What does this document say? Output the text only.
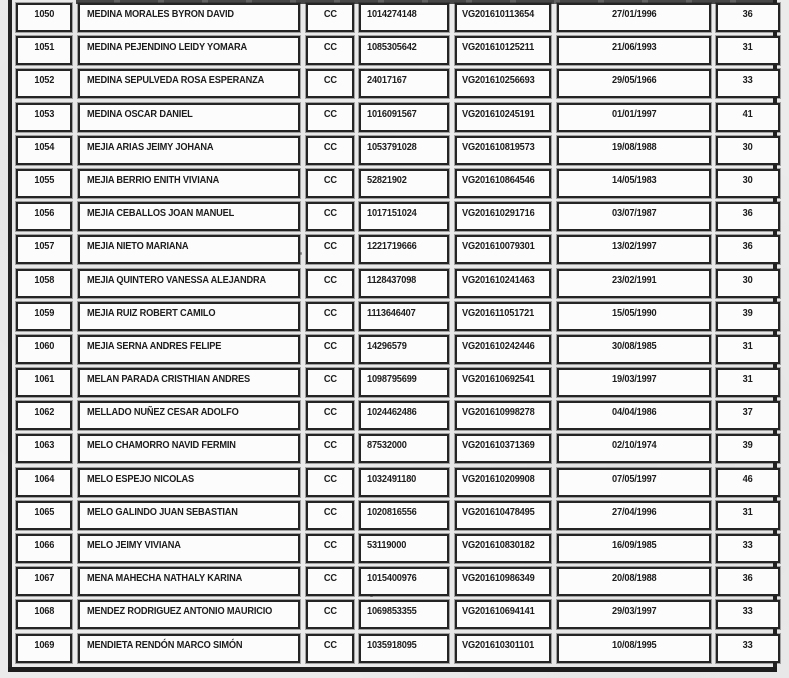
1050	MEDINA MORALES BYRON DAVID	CC	1014274148	VG201610113654	27/01/1996	36
1051	MEDINA PEJENDINO LEIDY YOMARA	CC	1085305642	VG201610125211	21/06/1993	31
1052	MEDINA SEPULVEDA ROSA ESPERANZA	CC	24017167	VG201610256693	29/05/1966	33
1053	MEDINA OSCAR DANIEL	CC	1016091567	VG201610245191	01/01/1997	41
1054	MEJIA ARIAS JEIMY JOHANA	CC	1053791028	VG201610819573	19/08/1988	30
1055	MEJIA BERRIO ENITH VIVIANA	CC	52821902	VG201610864546	14/05/1983	30
1056	MEJIA CEBALLOS JOAN MANUEL	CC	1017151024	VG201610291716	03/07/1987	36
1057	MEJIA NIETO MARIANA	CC	1221719666	VG201610079301	13/02/1997	36
1058	MEJIA QUINTERO VANESSA ALEJANDRA	CC	1128437098	VG201610241463	23/02/1991	30
1059	MEJIA RUIZ ROBERT CAMILO	CC	1113646407	VG201611051721	15/05/1990	39
1060	MEJIA SERNA ANDRES FELIPE	CC	14296579	VG201610242446	30/08/1985	31
1061	MELAN PARADA CRISTHIAN ANDRES	CC	1098795699	VG201610692541	19/03/1997	31
1062	MELLADO NUÑEZ CESAR ADOLFO	CC	1024462486	VG201610998278	04/04/1986	37
1063	MELO CHAMORRO NAVID FERMIN	CC	87532000	VG201610371369	02/10/1974	39
1064	MELO ESPEJO NICOLAS	CC	1032491180	VG201610209908	07/05/1997	46
1065	MELO GALINDO JUAN SEBASTIAN	CC	1020816556	VG201610478495	27/04/1996	31
1066	MELO JEIMY VIVIANA	CC	53119000	VG201610830182	16/09/1985	33
1067	MENA MAHECHA NATHALY KARINA	CC	1015400976	VG201610986349	20/08/1988	36
1068	MENDEZ RODRIGUEZ ANTONIO MAURICIO	CC	1069853355	VG201610694141	29/03/1997	33
1069	MENDIETA RENDÓN MARCO SIMÓN	CC	1035918095	VG201610301101	10/08/1995	33
